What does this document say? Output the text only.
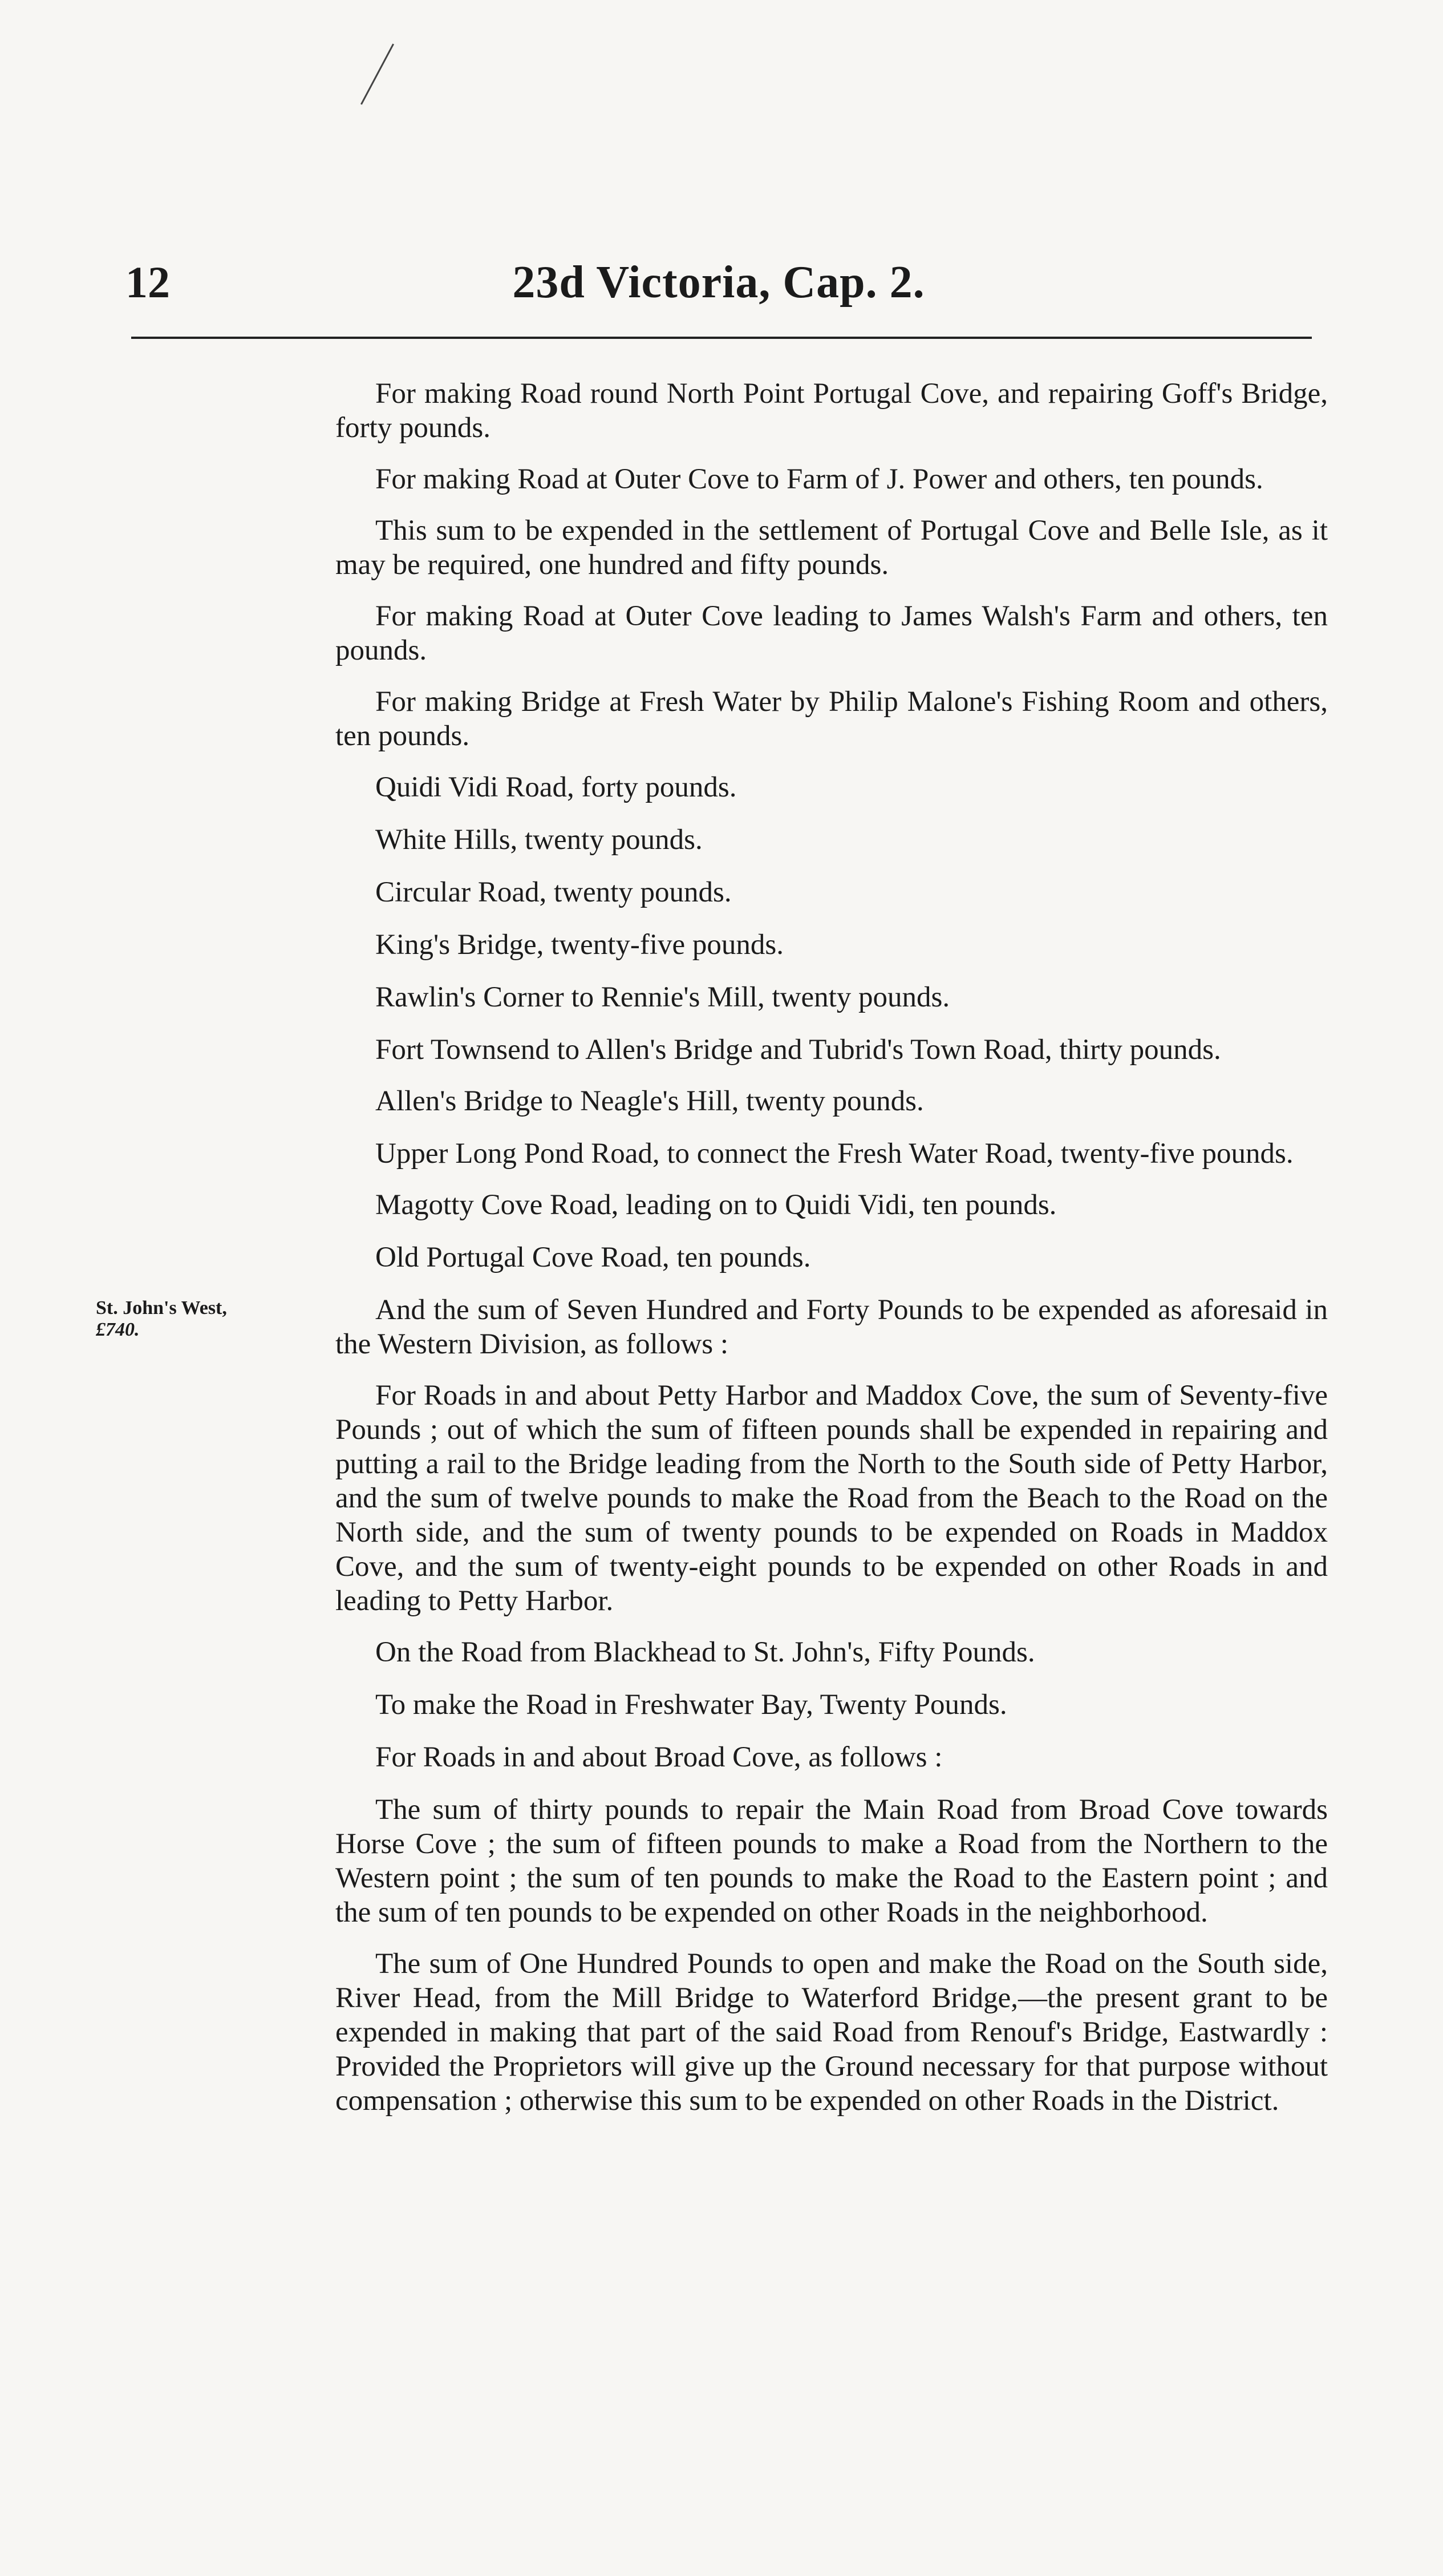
12	23d Victoria, Cap. 2.

For making Road round North Point Portugal Cove, and repairing Goff's Bridge, forty pounds.

For making Road at Outer Cove to Farm of J. Power and others, ten pounds.

This sum to be expended in the settlement of Portugal Cove and Belle Isle, as it may be required, one hundred and fifty pounds.

For making Road at Outer Cove leading to James Walsh's Farm and others, ten pounds.

For making Bridge at Fresh Water by Philip Malone's Fishing Room and others, ten pounds.

Quidi Vidi Road, forty pounds.

White Hills, twenty pounds.

Circular Road, twenty pounds.

King's Bridge, twenty-five pounds.

Rawlin's Corner to Rennie's Mill, twenty pounds.

Fort Townsend to Allen's Bridge and Tubrid's Town Road, thirty pounds.

Allen's Bridge to Neagle's Hill, twenty pounds.

Upper Long Pond Road, to connect the Fresh Water Road, twenty-five pounds.

Magotty Cove Road, leading on to Quidi Vidi, ten pounds.

Old Portugal Cove Road, ten pounds.

St. John's West,
£740.

And the sum of Seven Hundred and Forty Pounds to be expended as aforesaid in the Western Division, as follows :

For Roads in and about Petty Harbor and Maddox Cove, the sum of Seventy-five Pounds ; out of which the sum of fifteen pounds shall be expended in repairing and putting a rail to the Bridge leading from the North to the South side of Petty Harbor, and the sum of twelve pounds to make the Road from the Beach to the Road on the North side, and the sum of twenty pounds to be expended on Roads in Maddox Cove, and the sum of twenty-eight pounds to be expended on other Roads in and leading to Petty Harbor.

On the Road from Blackhead to St. John's, Fifty Pounds.

To make the Road in Freshwater Bay, Twenty Pounds.

For Roads in and about Broad Cove, as follows :

The sum of thirty pounds to repair the Main Road from Broad Cove towards Horse Cove ; the sum of fifteen pounds to make a Road from the Northern to the Western point ; the sum of ten pounds to make the Road to the Eastern point ; and the sum of ten pounds to be expended on other Roads in the neighborhood.

The sum of One Hundred Pounds to open and make the Road on the South side, River Head, from the Mill Bridge to Waterford Bridge,—the present grant to be expended in making that part of the said Road from Renouf's Bridge, Eastwardly : Provided the Proprietors will give up the Ground necessary for that purpose without compensation ; otherwise this sum to be expended on other Roads in the District.
